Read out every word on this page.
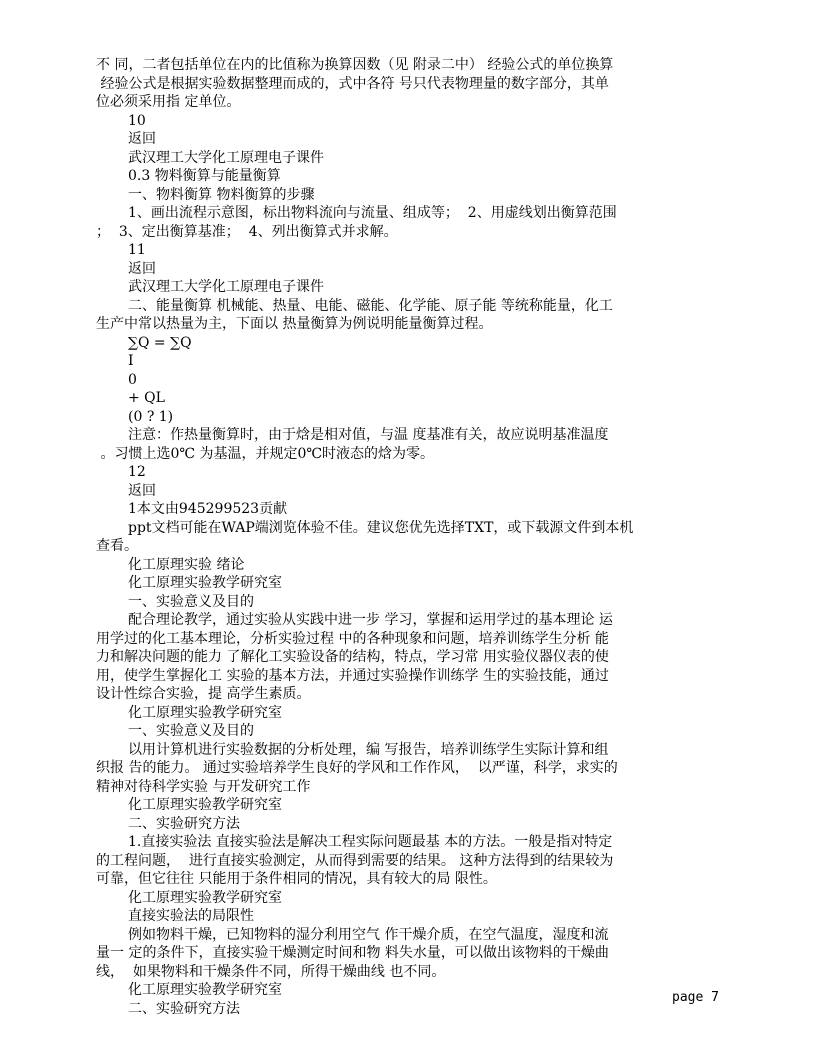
不 同，二者包括单位在内的比值称为换算因数（见 附录二中） 经验公式的单位换算
经验公式是根据实验数据整理而成的，式中各符 号只代表物理量的数字部分，其单
位必须采用指 定单位。
10
返回
武汉理工大学化工原理电子课件
0.3 物料衡算与能量衡算
一、物料衡算 物料衡算的步骤
1、画出流程示意图，标出物料流向与流量、组成等；  2、用虚线划出衡算范围
；  3、定出衡算基准；  4、列出衡算式并求解。
11
返回
武汉理工大学化工原理电子课件
二、能量衡算 机械能、热量、电能、磁能、化学能、原子能 等统称能量，化工
生产中常以热量为主，下面以 热量衡算为例说明能量衡算过程。
∑Q = ∑Q
I
0
+ QL
(0 ? 1)
注意：作热量衡算时，由于焓是相对值，与温 度基准有关，故应说明基准温度
。习惯上选0℃ 为基温，并规定0℃时液态的焓为零。
12
返回
1本文由945299523贡献
ppt文档可能在WAP端浏览体验不佳。建议您优先选择TXT，或下载源文件到本机
查看。
化工原理实验 绪论
化工原理实验教学研究室
一、实验意义及目的
配合理论教学，通过实验从实践中进一步 学习，掌握和运用学过的基本理论 运
用学过的化工基本理论，分析实验过程 中的各种现象和问题，培养训练学生分析 能
力和解决问题的能力 了解化工实验设备的结构，特点，学习常 用实验仪器仪表的使
用，使学生掌握化工 实验的基本方法，并通过实验操作训练学 生的实验技能，通过
设计性综合实验，提 高学生素质。
化工原理实验教学研究室
一、实验意义及目的
以用计算机进行实验数据的分析处理，编 写报告，培养训练学生实际计算和组
织报 告的能力。 通过实验培养学生良好的学风和工作作风，  以严谨，科学，求实的
精神对待科学实验 与开发研究工作
化工原理实验教学研究室
二、实验研究方法
1.直接实验法 直接实验法是解决工程实际问题最基 本的方法。一般是指对特定
的工程问题，  进行直接实验测定，从而得到需要的结果。 这种方法得到的结果较为
可靠，但它往往 只能用于条件相同的情况，具有较大的局 限性。
化工原理实验教学研究室
直接实验法的局限性
例如物料干燥，已知物料的湿分利用空气 作干燥介质，在空气温度，湿度和流
量一 定的条件下，直接实验干燥测定时间和物 料失水量，可以做出该物料的干燥曲
线，  如果物料和干燥条件不同，所得干燥曲线 也不同。
化工原理实验教学研究室
二、实验研究方法
page 7
